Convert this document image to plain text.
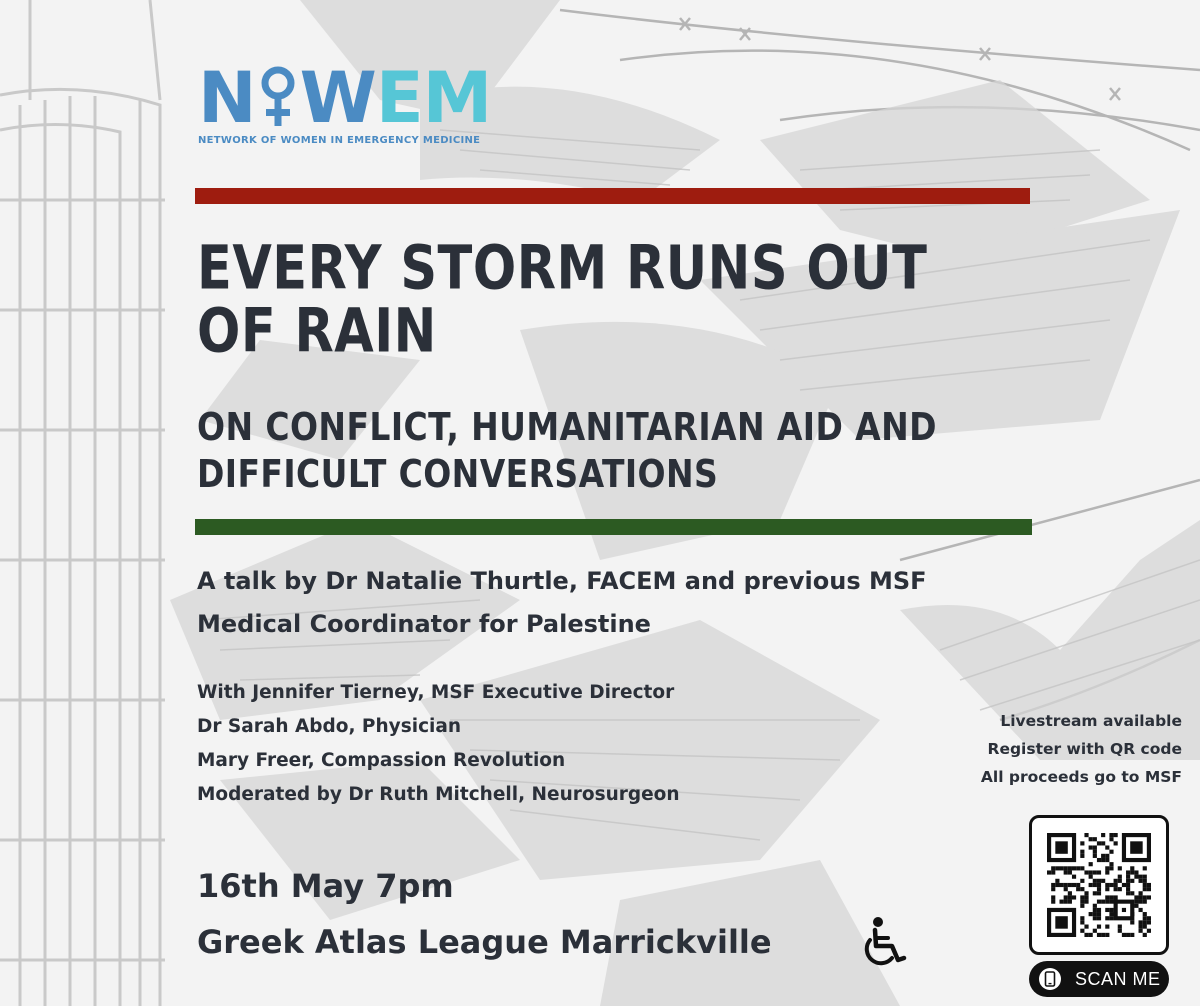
N W EM
NETWORK OF WOMEN IN EMERGENCY MEDICINE
EVERY STORM RUNS OUT
OF RAIN
ON CONFLICT, HUMANITARIAN AID AND
DIFFICULT CONVERSATIONS
A talk by Dr Natalie Thurtle, FACEM and previous MSF
Medical Coordinator for Palestine
With Jennifer Tierney, MSF Executive Director
Dr Sarah Abdo, Physician
Mary Freer, Compassion Revolution
Moderated by Dr Ruth Mitchell, Neurosurgeon
Livestream available
Register with QR code
All proceeds go to MSF
16th May 7pm
Greek Atlas League Marrickville
SCAN ME
